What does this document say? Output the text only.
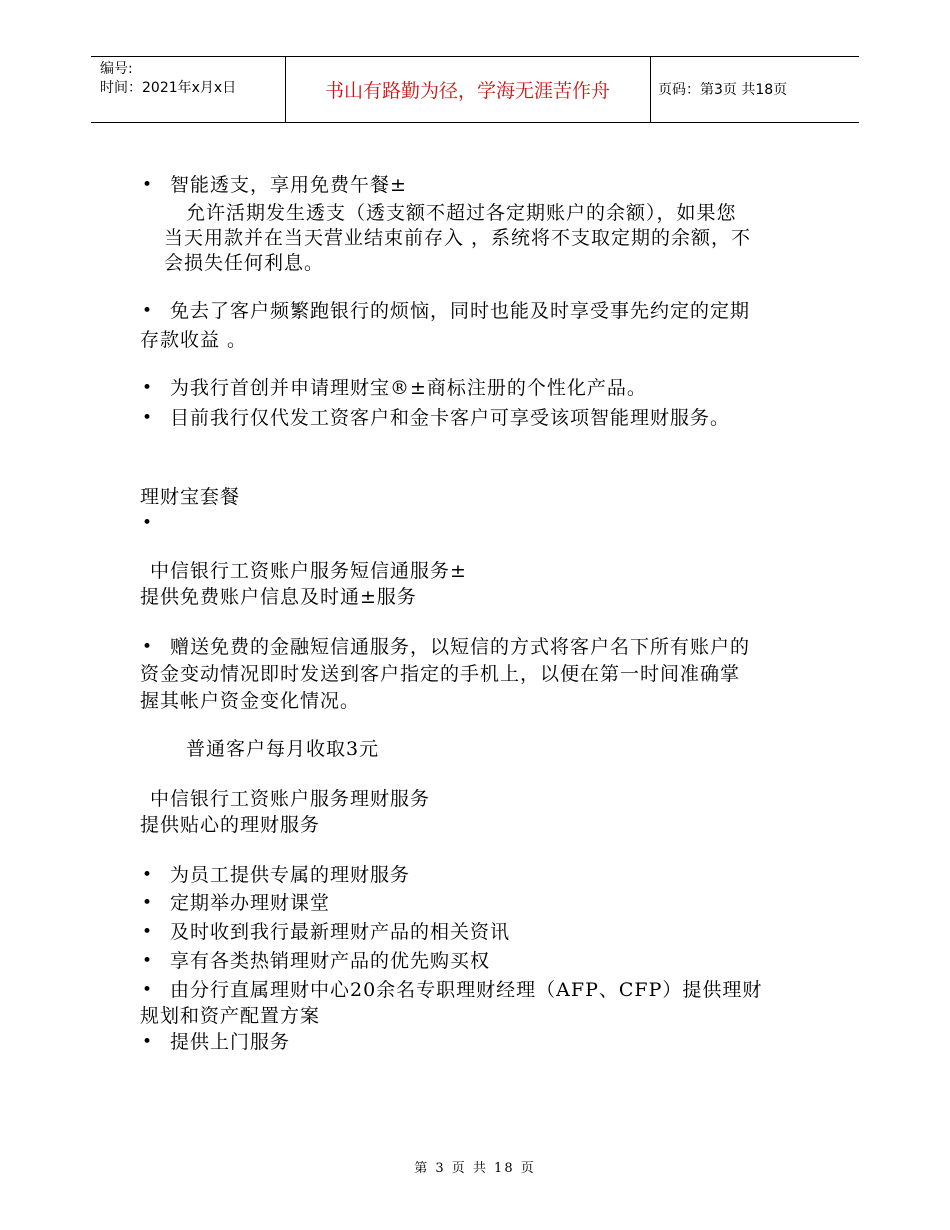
编号:
时间：2021年x月x日	书山有路勤为径，学海无涯苦作舟	页码：第3页 共18页
• 智能透支，享用免费午餐±
允许活期发生透支（透支额不超过各定期账户的余额），如果您
当天用款并在当天营业结束前存入 ，系统将不支取定期的余额，不
会损失任何利息。
• 免去了客户频繁跑银行的烦恼，同时也能及时享受事先约定的定期
存款收益 。
• 为我行首创并申请理财宝®±商标注册的个性化产品。
• 目前我行仅代发工资客户和金卡客户可享受该项智能理财服务。
理财宝套餐
•
中信银行工资账户服务短信通服务±
提供免费账户信息及时通±服务
• 赠送免费的金融短信通服务，以短信的方式将客户名下所有账户的
资金变动情况即时发送到客户指定的手机上，以便在第一时间准确掌
握其帐户资金变化情况。
普通客户每月收取3元
中信银行工资账户服务理财服务
提供贴心的理财服务
• 为员工提供专属的理财服务
• 定期举办理财课堂
• 及时收到我行最新理财产品的相关资讯
• 享有各类热销理财产品的优先购买权
• 由分行直属理财中心20余名专职理财经理（AFP、CFP）提供理财
规划和资产配置方案
• 提供上门服务
第 3 页 共 18 页
